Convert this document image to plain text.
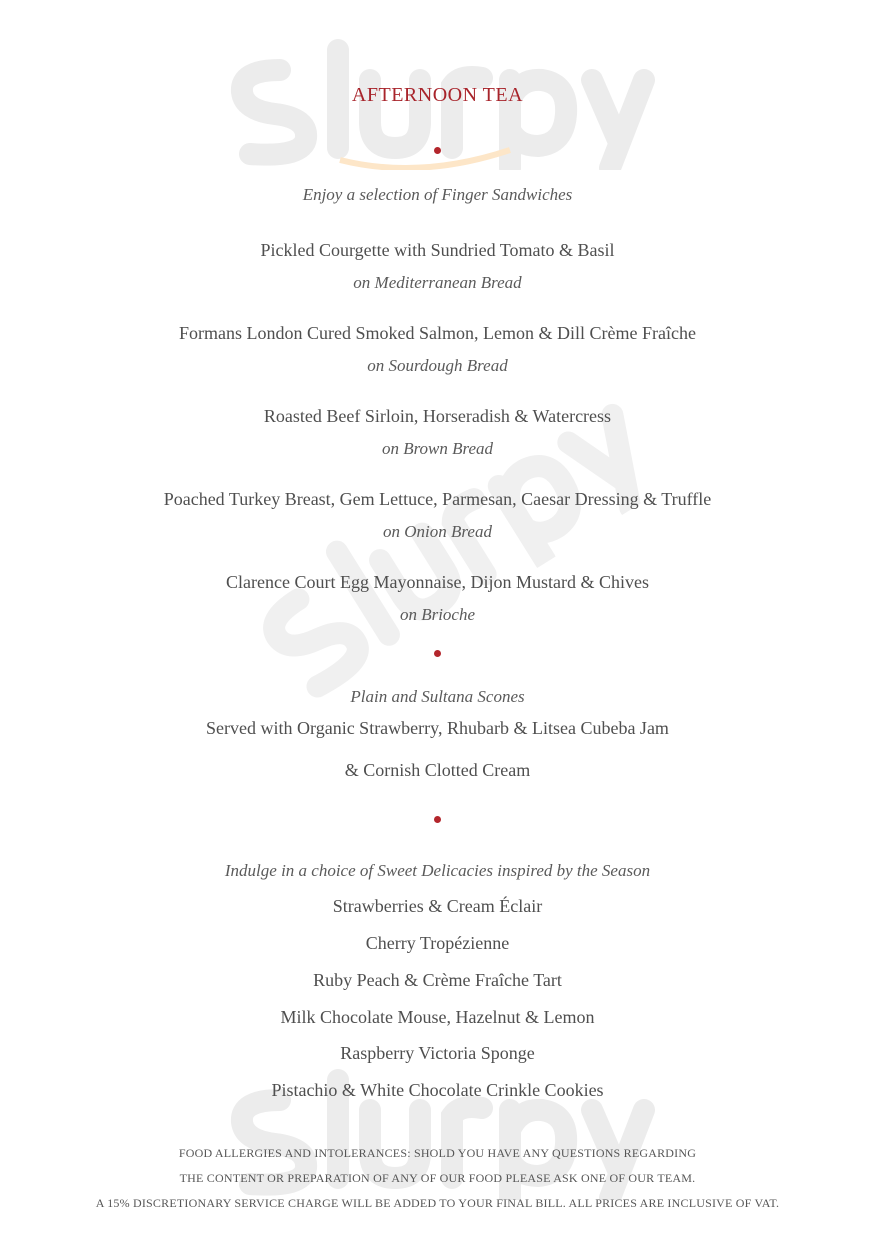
AFTERNOON TEA
Enjoy a selection of Finger Sandwiches
Pickled Courgette with Sundried Tomato & Basil
on Mediterranean Bread
Formans London Cured Smoked Salmon, Lemon & Dill Crème Fraîche
on Sourdough Bread
Roasted Beef Sirloin, Horseradish & Watercress
on Brown Bread
Poached Turkey Breast, Gem Lettuce, Parmesan, Caesar Dressing & Truffle
on Onion Bread
Clarence Court Egg Mayonnaise, Dijon Mustard & Chives
on Brioche
Plain and Sultana Scones
Served with Organic Strawberry, Rhubarb & Litsea Cubeba Jam
& Cornish Clotted Cream
Indulge in a choice of Sweet Delicacies inspired by the Season
Strawberries & Cream Éclair
Cherry Tropézienne
Ruby Peach & Crème Fraîche Tart
Milk Chocolate Mouse, Hazelnut & Lemon
Raspberry Victoria Sponge
Pistachio & White Chocolate Crinkle Cookies
FOOD ALLERGIES AND INTOLERANCES: SHOLD YOU HAVE ANY QUESTIONS REGARDING
THE CONTENT OR PREPARATION OF ANY OF OUR FOOD PLEASE ASK ONE OF OUR TEAM.
A 15% DISCRETIONARY SERVICE CHARGE WILL BE ADDED TO YOUR FINAL BILL. ALL PRICES ARE INCLUSIVE OF VAT.
